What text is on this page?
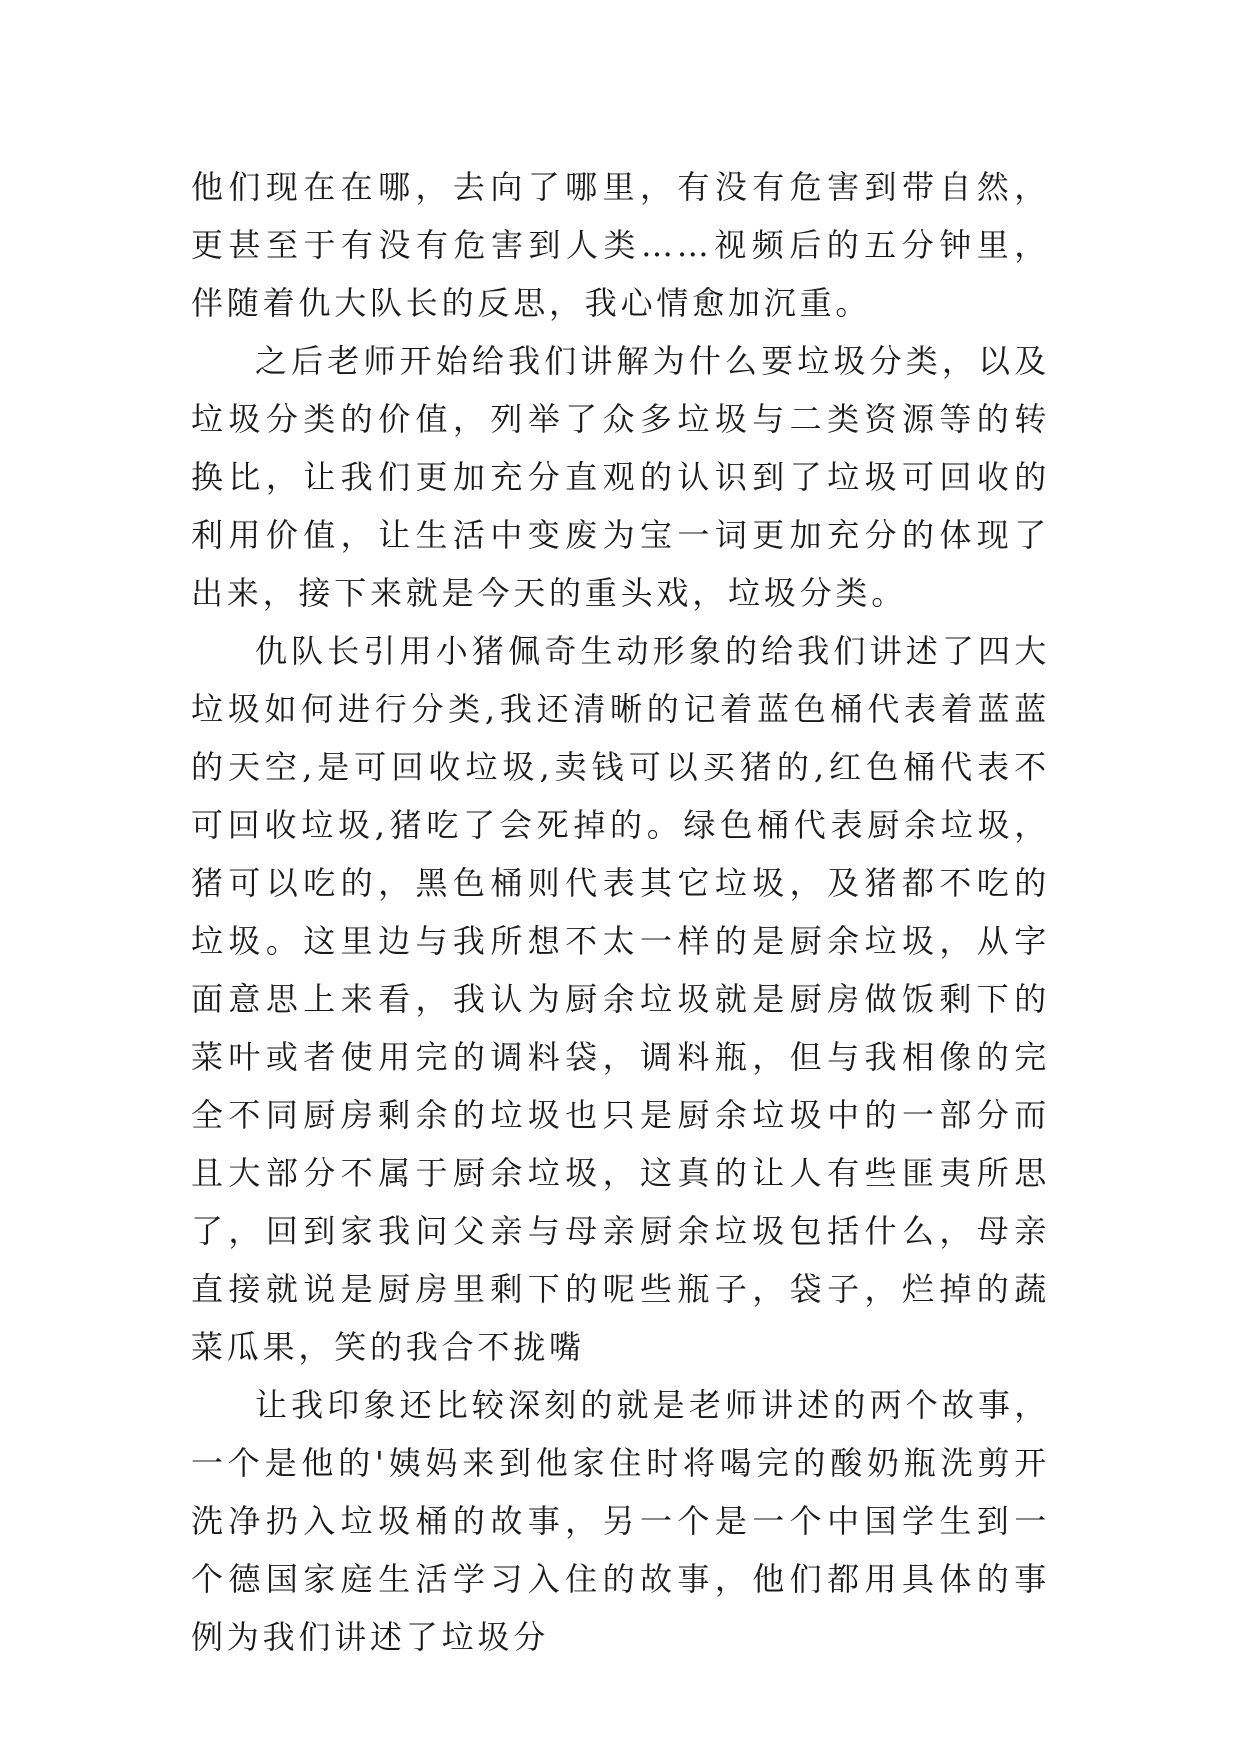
他们现在在哪，去向了哪里，有没有危害到带自然，更甚至于有没有危害到人类……视频后的五分钟里，伴随着仇大队长的反思，我心情愈加沉重。

之后老师开始给我们讲解为什么要垃圾分类，以及垃圾分类的价值，列举了众多垃圾与二类资源等的转换比，让我们更加充分直观的认识到了垃圾可回收的利用价值，让生活中变废为宝一词更加充分的体现了出来，接下来就是今天的重头戏，垃圾分类。

仇队长引用小猪佩奇生动形象的给我们讲述了四大垃圾如何进行分类,我还清晰的记着蓝色桶代表着蓝蓝的天空,是可回收垃圾,卖钱可以买猪的,红色桶代表不可回收垃圾,猪吃了会死掉的。绿色桶代表厨余垃圾，猪可以吃的，黑色桶则代表其它垃圾，及猪都不吃的垃圾。这里边与我所想不太一样的是厨余垃圾，从字面意思上来看，我认为厨余垃圾就是厨房做饭剩下的菜叶或者使用完的调料袋，调料瓶，但与我相像的完全不同厨房剩余的垃圾也只是厨余垃圾中的一部分而且大部分不属于厨余垃圾，这真的让人有些匪夷所思了，回到家我问父亲与母亲厨余垃圾包括什么，母亲直接就说是厨房里剩下的呢些瓶子，袋子，烂掉的蔬菜瓜果，笑的我合不拢嘴

让我印象还比较深刻的就是老师讲述的两个故事，一个是他的'姨妈来到他家住时将喝完的酸奶瓶洗剪开洗净扔入垃圾桶的故事，另一个是一个中国学生到一个德国家庭生活学习入住的故事，他们都用具体的事例为我们讲述了垃圾分
